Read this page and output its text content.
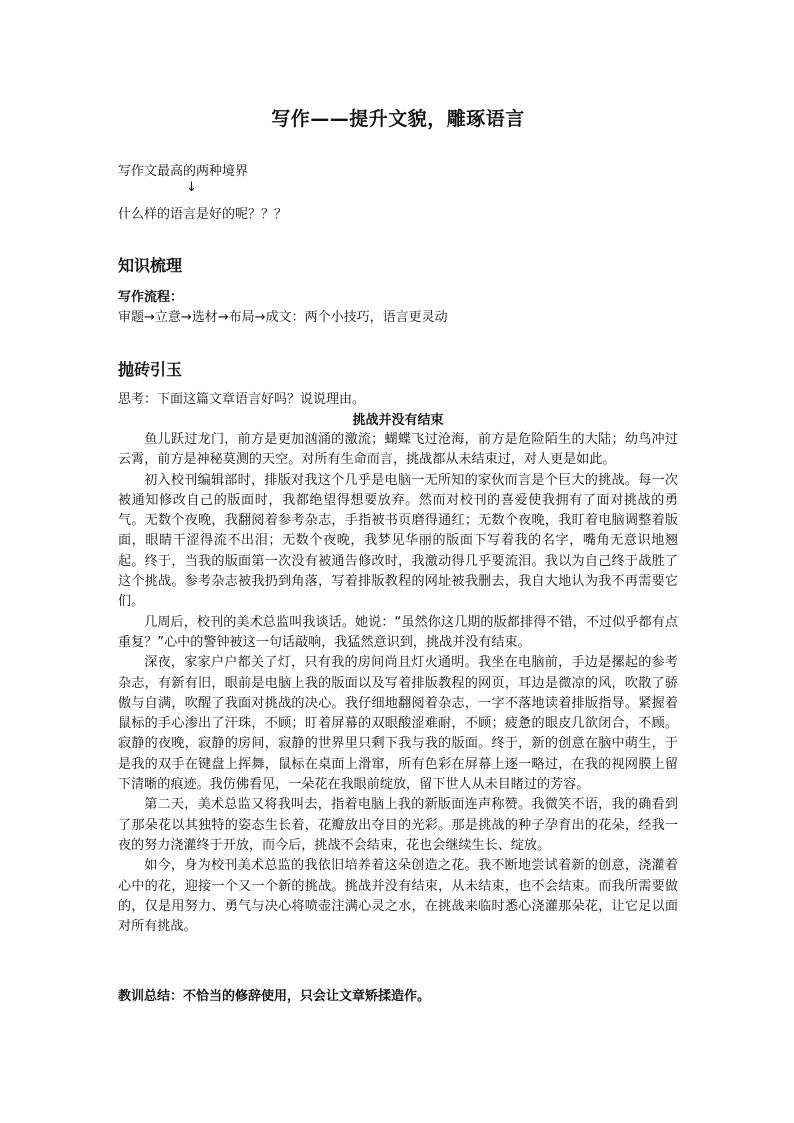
写作——提升文貌，雕琢语言
写作文最高的两种境界
↓
什么样的语言是好的呢？？？
知识梳理
写作流程：
审题→立意→选材→布局→成文：两个小技巧，语言更灵动
抛砖引玉
思考：下面这篇文章语言好吗？说说理由。
挑战并没有结束

鱼儿跃过龙门，前方是更加汹涌的激流；蝴蝶飞过沧海，前方是危险陌生的大陆；幼鸟冲过云霄，前方是神秘莫测的天空。对所有生命而言，挑战都从未结束过，对人更是如此。

初入校刊编辑部时，排版对我这个几乎是电脑一无所知的家伙而言是个巨大的挑战。每一次被通知修改自己的版面时，我都绝望得想要放弃。然而对校刊的喜爱使我拥有了面对挑战的勇气。无数个夜晚，我翻阅着参考杂志，手指被书页磨得通红；无数个夜晚，我盯着电脑调整着版面，眼睛干涩得流不出泪；无数个夜晚，我梦见华丽的版面下写着我的名字，嘴角无意识地翘起。终于，当我的版面第一次没有被通告修改时，我激动得几乎要流泪。我以为自己终于战胜了这个挑战。参考杂志被我扔到角落，写着排版教程的网址被我删去，我自大地认为我不再需要它们。

几周后，校刊的美术总监叫我谈话。她说：“虽然你这几期的版都排得不错，不过似乎都有点重复？”心中的警钟被这一句话敲响，我猛然意识到，挑战并没有结束。

深夜，家家户户都关了灯，只有我的房间尚且灯火通明。我坐在电脑前，手边是摞起的参考杂志，有新有旧，眼前是电脑上我的版面以及写着排版教程的网页，耳边是微凉的风，吹散了骄傲与自满，吹醒了我面对挑战的决心。我仔细地翻阅着杂志，一字不落地读着排版指导。紧握着鼠标的手心渗出了汗珠，不顾；盯着屏幕的双眼酸涩难耐，不顾；疲惫的眼皮几欲闭合，不顾。寂静的夜晚，寂静的房间，寂静的世界里只剩下我与我的版面。终于，新的创意在脑中萌生，于是我的双手在键盘上挥舞，鼠标在桌面上滑窜，所有色彩在屏幕上逐一略过，在我的视网膜上留下清晰的痕迹。我仿佛看见，一朵花在我眼前绽放，留下世人从未目睹过的芳容。

第二天，美术总监又将我叫去，指着电脑上我的新版面连声称赞。我微笑不语，我的确看到了那朵花以其独特的姿态生长着，花瓣放出夺目的光彩。那是挑战的种子孕育出的花朵，经我一夜的努力浇灌终于开放，而今后，挑战不会结束，花也会继续生长、绽放。

如今，身为校刊美术总监的我依旧培养着这朵创造之花。我不断地尝试着新的创意，浇灌着心中的花，迎接一个又一个新的挑战。挑战并没有结束，从未结束，也不会结束。而我所需要做的，仅是用努力、勇气与决心将喷壶注满心灵之水，在挑战来临时悉心浇灌那朵花，让它足以面对所有挑战。

教训总结：不恰当的修辞使用，只会让文章矫揉造作。
